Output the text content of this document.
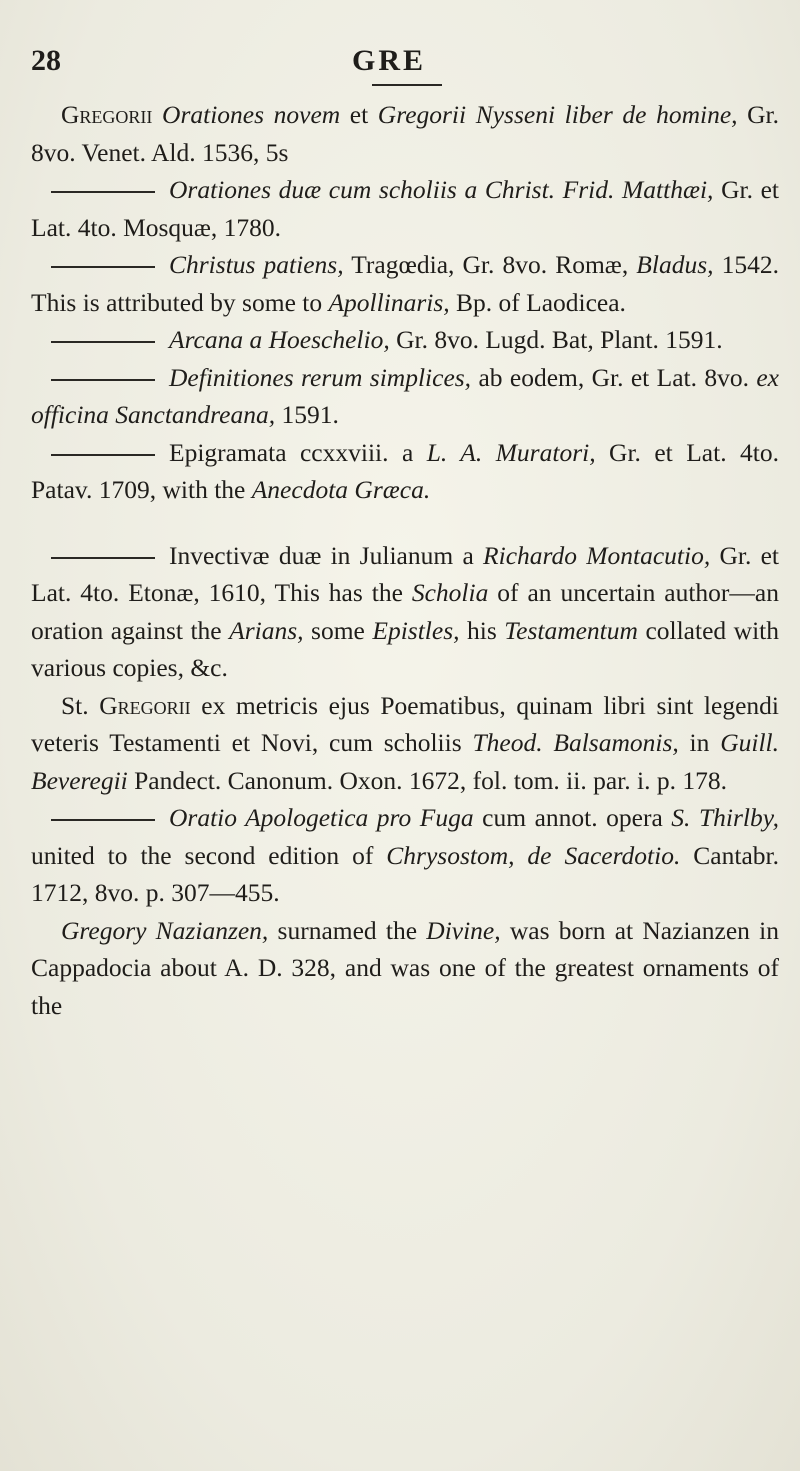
28	GRE

Gregorii Orationes novem et Gregorii Nysseni liber de homine, Gr. 8vo. Venet. Ald. 1536, 5s

Orationes duæ cum scholiis a Christ. Frid. Matthæi, Gr. et Lat. 4to. Mosquæ, 1780.

Christus patiens, Tragœdia, Gr. 8vo. Romæ, Bladus, 1542. This is attributed by some to Apollinaris, Bp. of Laodicea.

Arcana a Hoeschelio, Gr. 8vo. Lugd. Bat, Plant. 1591.

Definitiones rerum simplices, ab eodem, Gr. et Lat. 8vo. ex officina Sanctandreana, 1591.

Epigramata ccxxviii. a L. A. Muratori, Gr. et Lat. 4to. Patav. 1709, with the Anecdota Græca.

Invectivæ duæ in Julianum a Richardo Montacutio, Gr. et Lat. 4to. Etonæ, 1610, This has the Scholia of an uncertain author—an oration against the Arians, some Epistles, his Testamentum collated with various copies, &c.

St. Gregorii ex metricis ejus Poematibus, quinam libri sint legendi veteris Testamenti et Novi, cum scholiis Theod. Balsamonis, in Guill. Beveregii Pandect. Canonum. Oxon. 1672, fol. tom. ii. par. i. p. 178.

Oratio Apologetica pro Fuga cum annot. opera S. Thirlby, united to the second edition of Chrysostom, de Sacerdotio. Cantabr. 1712, 8vo. p. 307—455.

Gregory Nazianzen, surnamed the Divine, was born at Nazianzen in Cappadocia about A. D. 328, and was one of the greatest ornaments of the
